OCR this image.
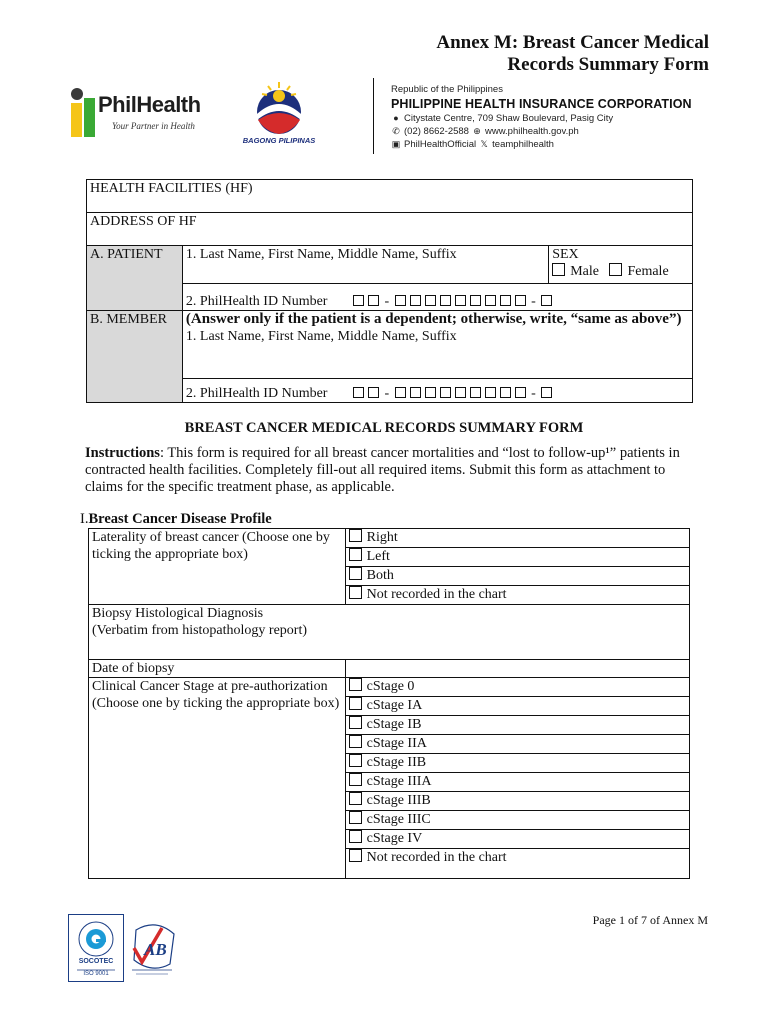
Annex M: Breast Cancer Medical
Records Summary Form
PhilHealth
Your Partner in Health
BAGONG PILIPINAS
Republic of the Philippines
PHILIPPINE HEALTH INSURANCE CORPORATION
● Citystate Centre, 709 Shaw Boulevard, Pasig City
✆ (02) 8662-2588 ⊕ www.philhealth.gov.ph
▣ PhilHealthOfficial 𝕏 teamphilhealth
HEALTH FACILITIES (HF)		
ADDRESS OF HF		
A. PATIENT	1. Last Name, First Name, Middle Name, Suffix	SEX
Male Female
	2. PhilHealth ID Number - -	
B. MEMBER	(Answer only if the patient is a dependent; otherwise, write, “same as above”)
1. Last Name, First Name, Middle Name, Suffix	

	2. PhilHealth ID Number - -	
BREAST CANCER MEDICAL RECORDS SUMMARY FORM
Instructions: This form is required for all breast cancer mortalities and “lost to follow-up¹” patients in contracted health facilities. Completely fill-out all required items. Submit this form as attachment to claims for the specific treatment phase, as applicable.
I.Breast Cancer Disease Profile
Laterality of breast cancer (Choose one by ticking the appropriate box)	Right
	Left
	Both
	Not recorded in the chart

Biopsy Histological Diagnosis (Verbatim from histopathology report)	

Date of biopsy	
Clinical Cancer Stage at pre-authorization (Choose one by ticking the appropriate box)	cStage 0
	cStage IA
	cStage IB
	cStage IIA
	cStage IIB
	cStage IIIA
	cStage IIIB
	cStage IIIC
	cStage IV
	Not recorded in the chart
Page 1 of 7 of Annex M
SOCOTEC
ISO 9001
AB
